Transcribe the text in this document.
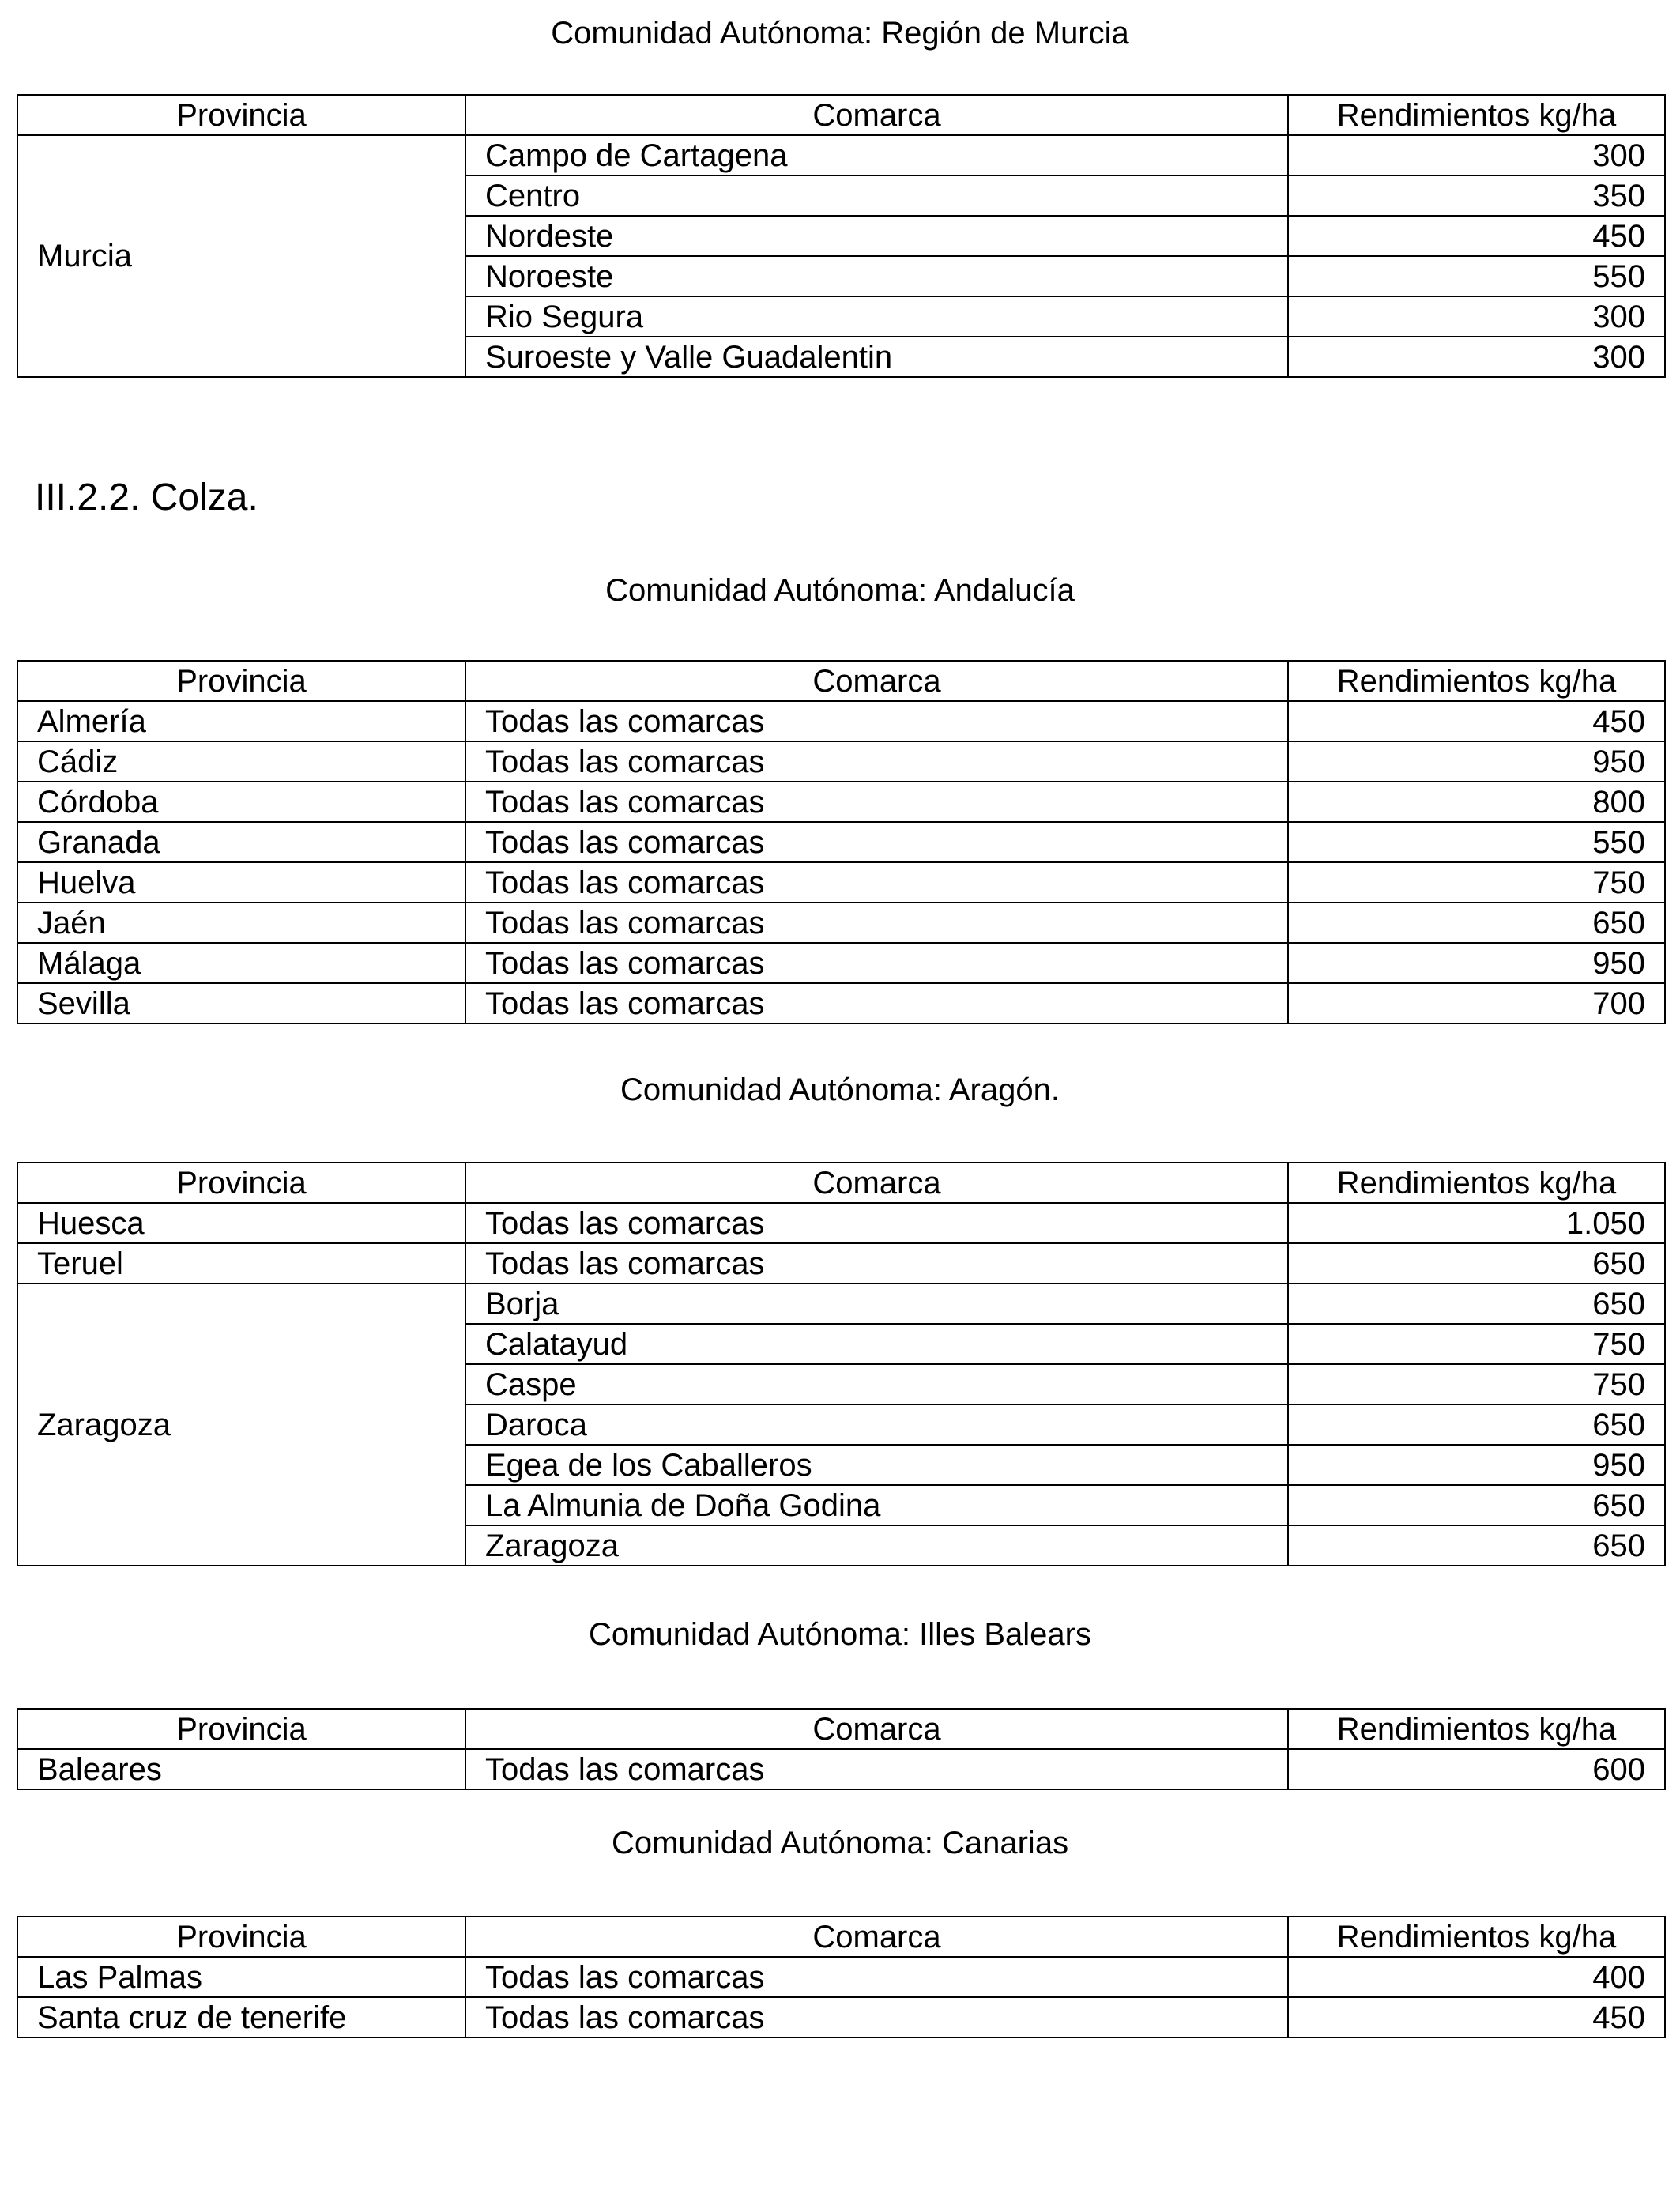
Comunidad Autónoma: Región de Murcia
Provincia	Comarca	Rendimientos kg/ha
Murcia	Campo de Cartagena	300
	Centro	350
	Nordeste	450
	Noroeste	550
	Rio Segura	300
	Suroeste y Valle Guadalentin	300
III.2.2. Colza.
Comunidad Autónoma: Andalucía
Provincia	Comarca	Rendimientos kg/ha
Almería	Todas las comarcas	450
Cádiz	Todas las comarcas	950
Córdoba	Todas las comarcas	800
Granada	Todas las comarcas	550
Huelva	Todas las comarcas	750
Jaén	Todas las comarcas	650
Málaga	Todas las comarcas	950
Sevilla	Todas las comarcas	700
Comunidad Autónoma: Aragón.
Provincia	Comarca	Rendimientos kg/ha
Huesca	Todas las comarcas	1.050
Teruel	Todas las comarcas	650
Zaragoza	Borja	650
	Calatayud	750
	Caspe	750
	Daroca	650
	Egea de los Caballeros	950
	La Almunia de Doña Godina	650
	Zaragoza	650
Comunidad Autónoma: Illes Balears
Provincia	Comarca	Rendimientos kg/ha
Baleares	Todas las comarcas	600
Comunidad Autónoma: Canarias
Provincia	Comarca	Rendimientos kg/ha
Las Palmas	Todas las comarcas	400
Santa cruz de tenerife	Todas las comarcas	450
